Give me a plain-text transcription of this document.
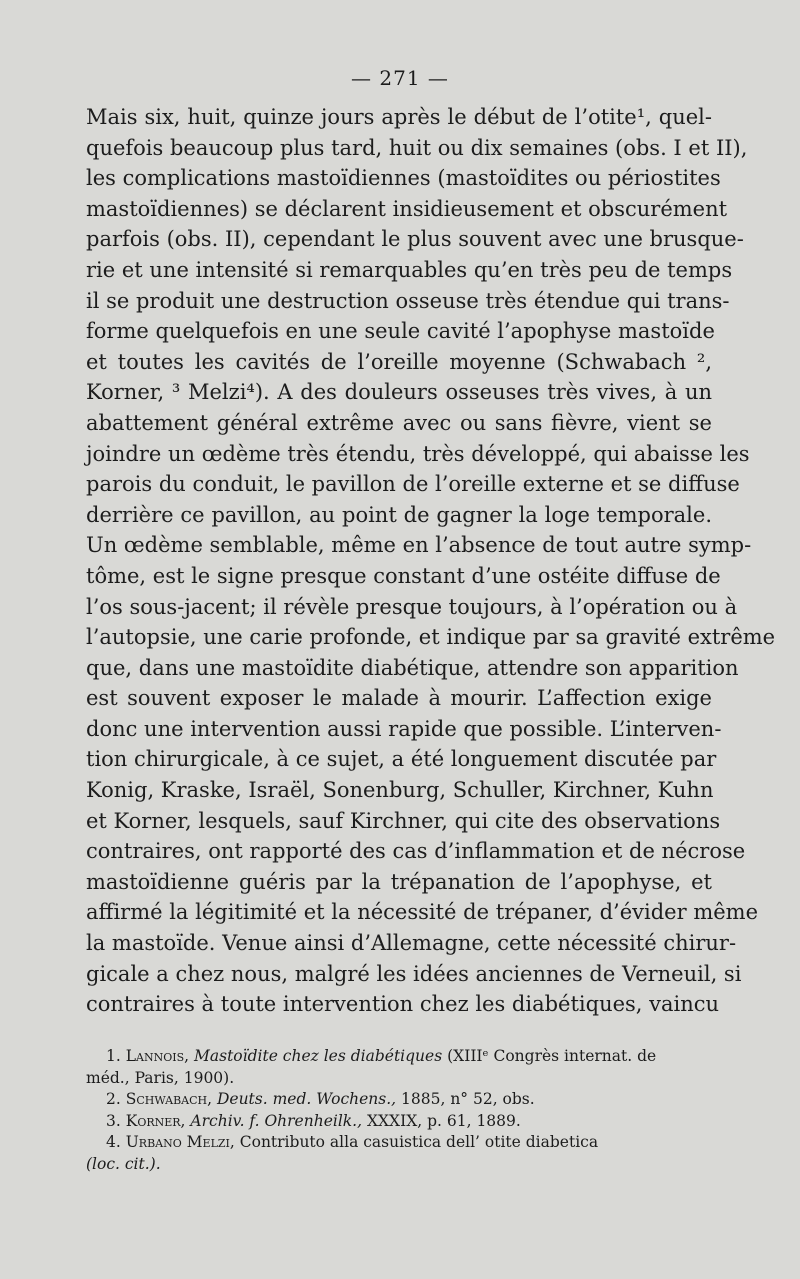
— 271 —
Mais six, huit, quinze jours après le début de l’otite¹, quel-
quefois beaucoup plus tard, huit ou dix semaines (obs. I et II),
les complications mastoïdiennes (mastoïdites ou périostites
mastoïdiennes) se déclarent insidieusement et obscurément
parfois (obs. II), cependant le plus souvent avec une brusque-
rie et une intensité si remarquables qu’en très peu de temps
il se produit une destruction osseuse très étendue qui trans-
forme quelquefois en une seule cavité l’apophyse mastoïde
et toutes les cavités de l’oreille moyenne (Schwabach ²,
Korner, ³ Melzi⁴). A des douleurs osseuses très vives, à un
abattement général extrême avec ou sans fièvre, vient se
joindre un œdème très étendu, très développé, qui abaisse les
parois du conduit, le pavillon de l’oreille externe et se diffuse
derrière ce pavillon, au point de gagner la loge temporale.
Un œdème semblable, même en l’absence de tout autre symp-
tôme, est le signe presque constant d’une ostéite diffuse de
l’os sous-jacent; il révèle presque toujours, à l’opération ou à
l’autopsie, une carie profonde, et indique par sa gravité extrême
que, dans une mastoïdite diabétique, attendre son apparition
est souvent exposer le malade à mourir. L’affection exige
donc une intervention aussi rapide que possible. L’interven-
tion chirurgicale, à ce sujet, a été longuement discutée par
Konig, Kraske, Israël, Sonenburg, Schuller, Kirchner, Kuhn
et Korner, lesquels, sauf Kirchner, qui cite des observations
contraires, ont rapporté des cas d’inflammation et de nécrose
mastoïdienne guéris par la trépanation de l’apophyse, et
affirmé la légitimité et la nécessité de trépaner, d’évider même
la mastoïde. Venue ainsi d’Allemagne, cette nécessité chirur-
gicale a chez nous, malgré les idées anciennes de Verneuil, si
contraires à toute intervention chez les diabétiques, vaincu
1. Lannois, Mastoïdite chez les diabétiques (XIIIᵉ Congrès internat. de
méd., Paris, 1900).
2. Schwabach, Deuts. med. Wochens., 1885, n° 52, obs.
3. Korner, Archiv. f. Ohrenheilk., XXXIX, p. 61, 1889.
4. Urbano Melzi, Contributo alla casuistica dell’ otite diabetica
(loc. cit.).
